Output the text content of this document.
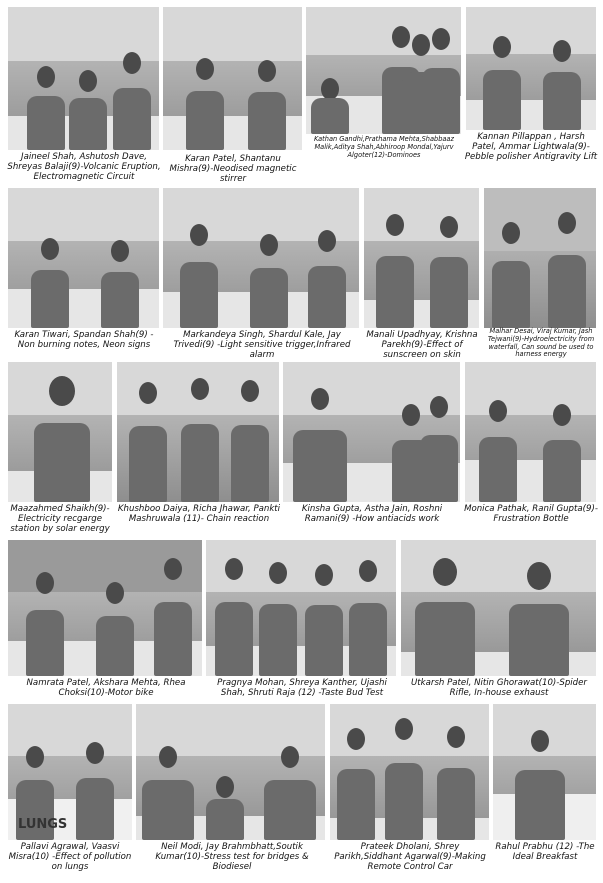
Jaineel Shah, Ashutosh Dave, Shreyas Balaji(9)-Volcanic Eruption, Electromagnetic Circuit
Karan Patel, Shantanu Mishra(9)-Neodised magnetic stirrer
Kathan Gandhi,Prathama Mehta,Shabbaaz Malik,Aditya Shah,Abhiroop Mondal,Yajurv Algoter(12)-Dominoes
Kannan Pillappan , Harsh Patel, Ammar Lightwala(9)-Pebble polisher Antigravity Lift
Karan Tiwari, Spandan Shah(9) -Non burning notes, Neon signs
Markandeya Singh, Shardul Kale, Jay Trivedi(9) -Light sensitive trigger,Infrared alarm
Manali Upadhyay, Krishna Parekh(9)-Effect of sunscreen on skin
Malhar Desai, Viraj Kumar, Jash Tejwani(9)-Hydroelectricity from waterfall, Can sound be used to harness energy
Maazahmed Shaikh(9)-Electricity recgarge station by solar energy
Khushboo Daiya, Richa Jhawar, Pankti Mashruwala (11)- Chain reaction
Kinsha Gupta, Astha Jain, Roshni Ramani(9) -How antiacids work
Monica Pathak, Ranil Gupta(9)-Frustration Bottle
Namrata Patel, Akshara Mehta, Rhea Choksi(10)-Motor bike
Pragnya Mohan, Shreya Kanther, Ujashi Shah, Shruti Raja (12) -Taste Bud Test
Utkarsh Patel, Nitin Ghorawat(10)-Spider Rifle, In-house exhaust
LUNGS
Pallavi Agrawal, Vaasvi Misra(10) -Effect of pollution on lungs
Neil Modi, Jay Brahmbhatt,Soutik Kumar(10)-Stress test for bridges & Biodiesel
Prateek Dholani, Shrey Parikh,Siddhant Agarwal(9)-Making Remote Control Car
Rahul Prabhu (12) -The Ideal Breakfast
